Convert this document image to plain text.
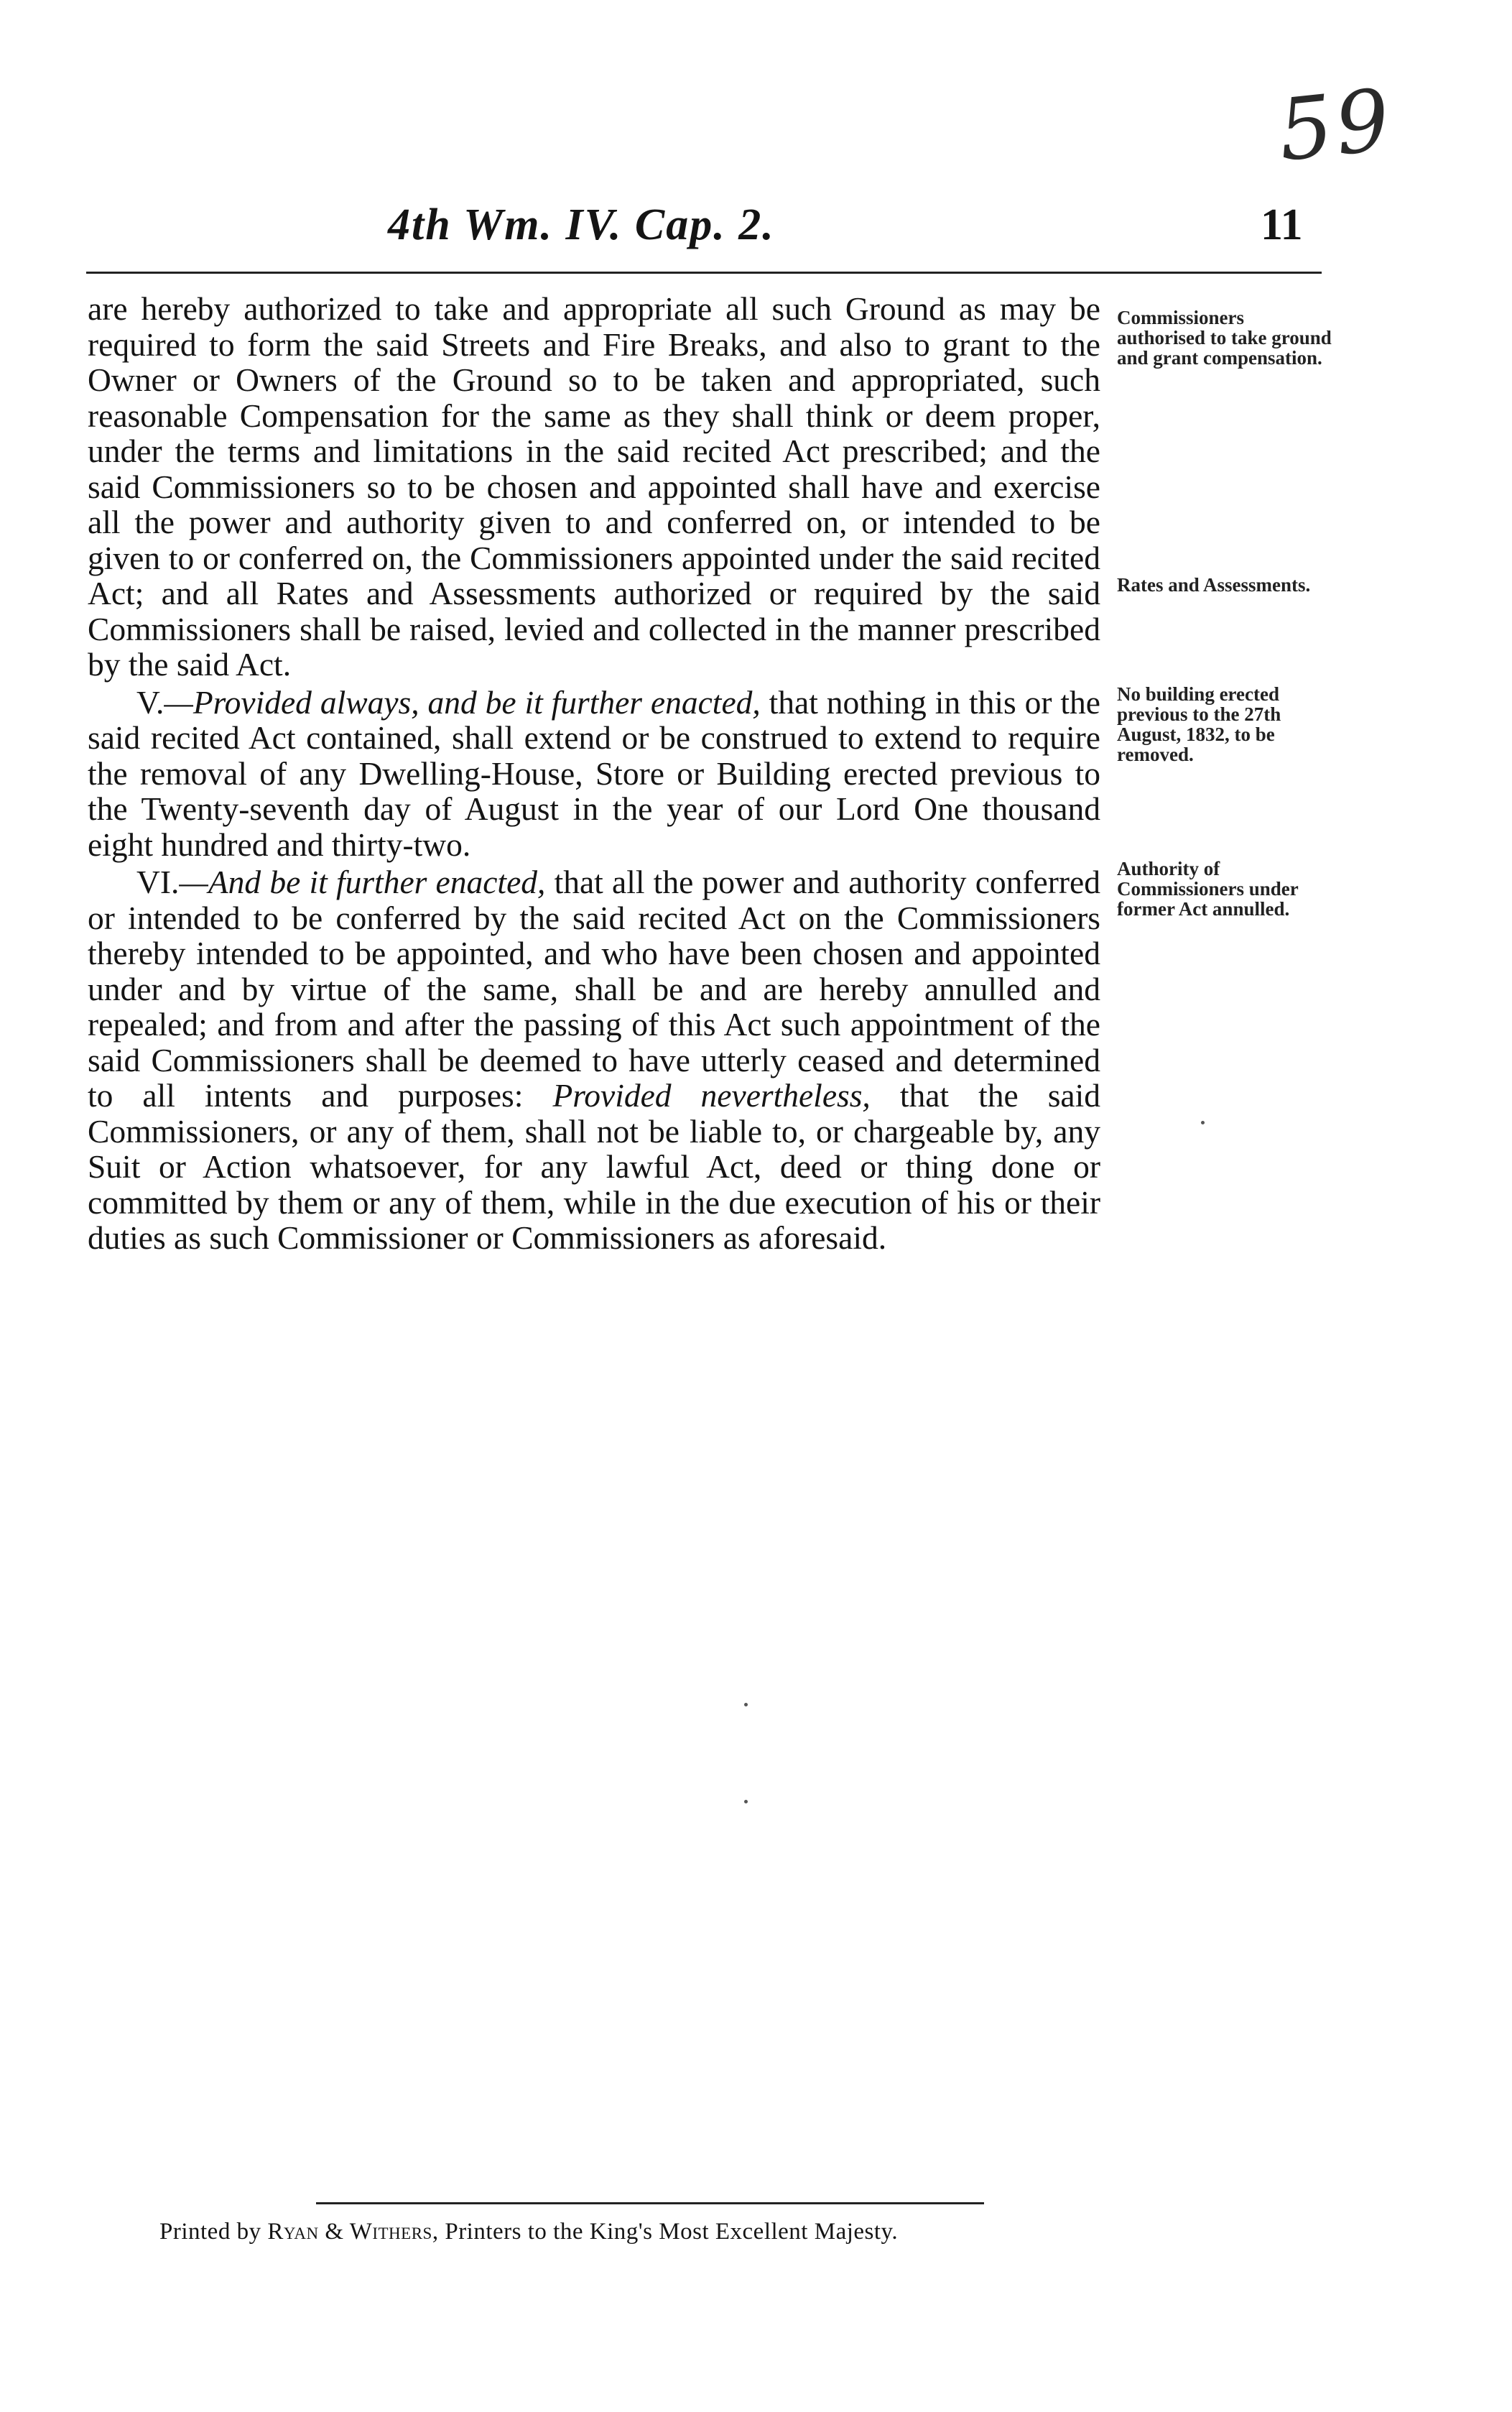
59
4th Wm. IV. Cap. 2.	11

are hereby authorized to take and appropriate all such Ground as may be required to form the said Streets and Fire Breaks, and also to grant to the Owner or Owners of the Ground so to be taken and appropriated, such reasonable Compensation for the same as they shall think or deem proper, under the terms and limitations in the said recited Act prescribed; and the said Commissioners so to be chosen and appointed shall have and exercise all the power and authority given to and conferred on, or intended to be given to or conferred on, the Commissioners appointed under the said recited Act; and all Rates and Assessments authorized or required by the said Commissioners shall be raised, levied and collected in the manner prescribed by the said Act.

V.—Provided always, and be it further enacted, that nothing in this or the said recited Act contained, shall extend or be construed to extend to require the removal of any Dwelling-House, Store or Building erected previous to the Twenty-seventh day of August in the year of our Lord One thousand eight hundred and thirty-two.

VI.—And be it further enacted, that all the power and authority conferred or intended to be conferred by the said recited Act on the Commissioners thereby intended to be appointed, and who have been chosen and appointed under and by virtue of the same, shall be and are hereby annulled and repealed; and from and after the passing of this Act such appointment of the said Commissioners shall be deemed to have utterly ceased and determined to all intents and purposes: Provided nevertheless, that the said Commissioners, or any of them, shall not be liable to, or chargeable by, any Suit or Action whatsoever, for any lawful Act, deed or thing done or committed by them or any of them, while in the due execution of his or their duties as such Commissioner or Commissioners as aforesaid.

Commissioners authorised to take ground and grant compensation.
Rates and Assessments.
No building erected previous to the 27th August, 1832, to be removed.
Authority of Commissioners under former Act annulled.
Printed by Ryan & Withers, Printers to the King's Most Excellent Majesty.
